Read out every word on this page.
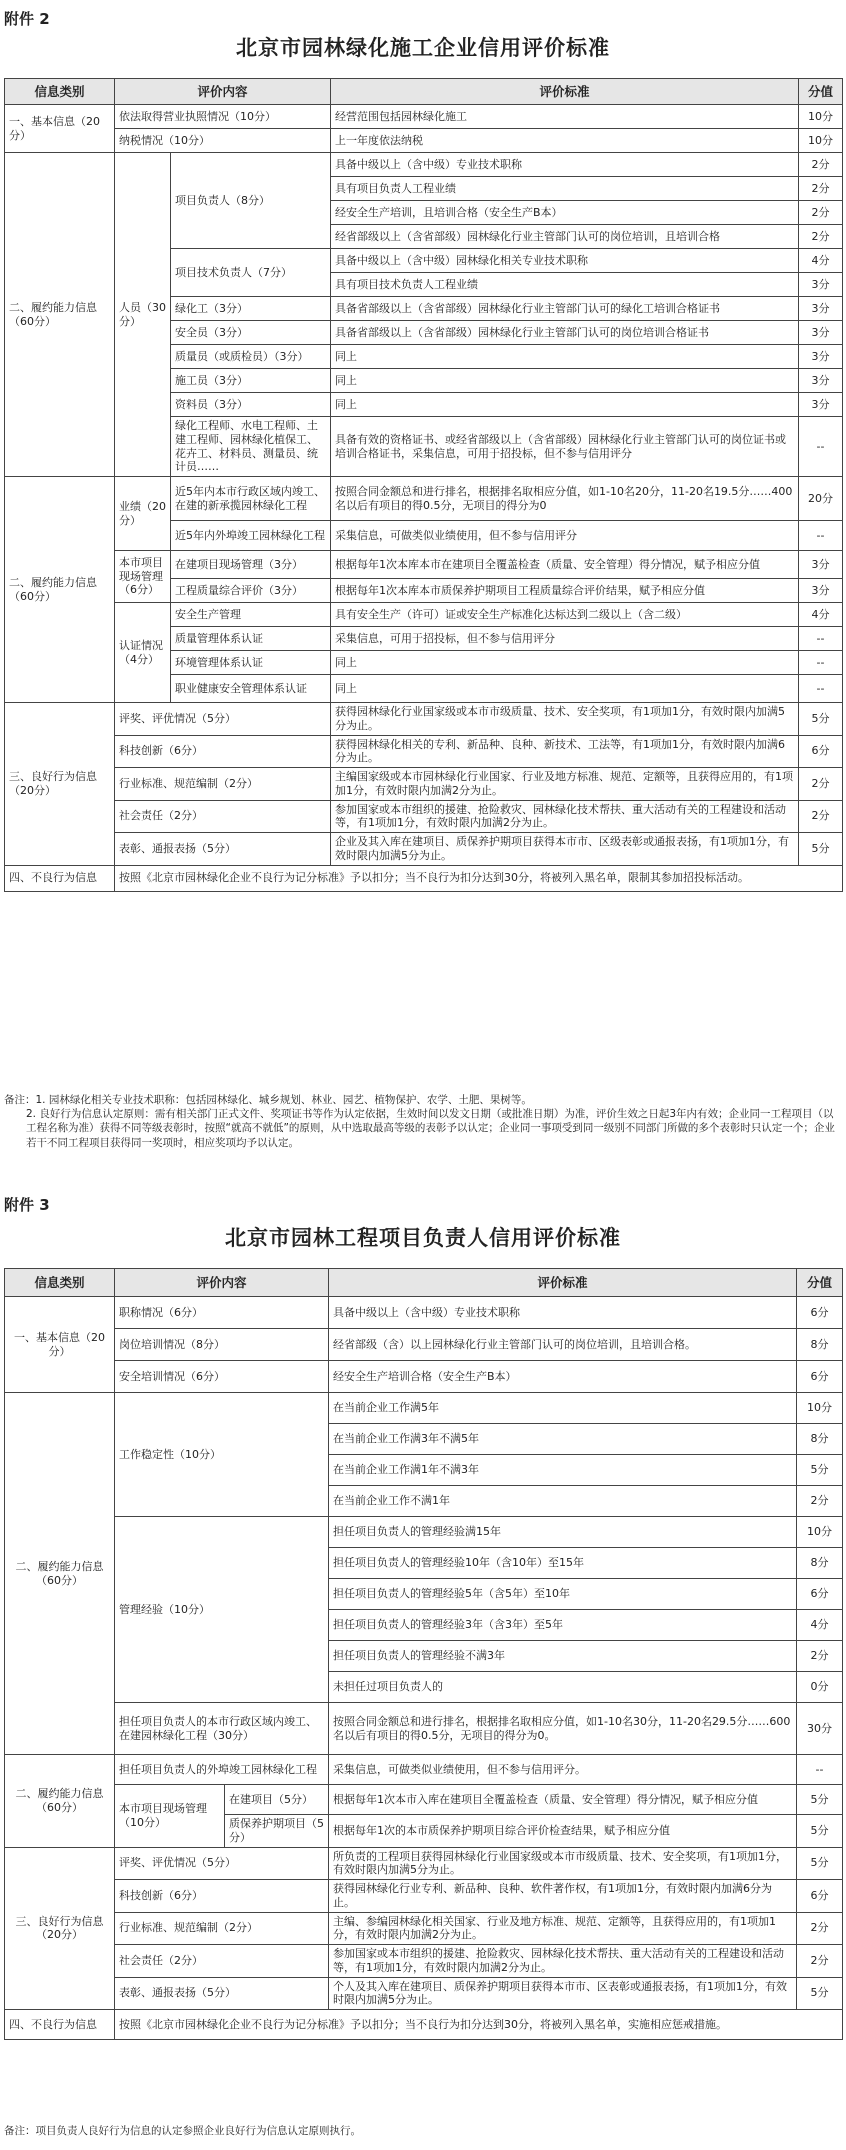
附件 2
北京市园林绿化施工企业信用评价标准
信息类别	评价内容		评价标准	分值
一、基本信息（20分）	依法取得营业执照情况（10分）		经营范围包括园林绿化施工	10分
	纳税情况（10分）		上一年度依法纳税	10分
二、履约能力信息（60分）	人员（30分）	项目负责人（8分）	具备中级以上（含中级）专业技术职称	2分
			具有项目负责人工程业绩	2分
			经安全生产培训，且培训合格（安全生产B本）	2分
			经省部级以上（含省部级）园林绿化行业主管部门认可的岗位培训，且培训合格	2分
		项目技术负责人（7分）	具备中级以上（含中级）园林绿化相关专业技术职称	4分
			具有项目技术负责人工程业绩	3分
		绿化工（3分）	具备省部级以上（含省部级）园林绿化行业主管部门认可的绿化工培训合格证书	3分
		安全员（3分）	具备省部级以上（含省部级）园林绿化行业主管部门认可的岗位培训合格证书	3分
		质量员（或质检员）（3分）	同上	3分
		施工员（3分）	同上	3分
		资料员（3分）	同上	3分
		绿化工程师、水电工程师、土建工程师、园林绿化植保工、花卉工、材料员、测量员、统计员……	具备有效的资格证书、或经省部级以上（含省部级）园林绿化行业主管部门认可的岗位证书或培训合格证书，采集信息，可用于招投标，但不参与信用评分	--
二、履约能力信息（60分）	业绩（20分）	近5年内本市行政区域内竣工、在建的新承揽园林绿化工程	按照合同金额总和进行排名，根据排名取相应分值，如1-10名20分，11-20名19.5分……400名以后有项目的得0.5分，无项目的得分为0	20分
		近5年内外埠竣工园林绿化工程	采集信息，可做类似业绩使用，但不参与信用评分	--
	本市项目现场管理（6分）	在建项目现场管理（3分）	根据每年1次本库本市在建项目全覆盖检查（质量、安全管理）得分情况，赋予相应分值	3分
		工程质量综合评价（3分）	根据每年1次本库本市质保养护期项目工程质量综合评价结果，赋予相应分值	3分
	认证情况（4分）	安全生产管理	具有安全生产（许可）证或安全生产标准化达标达到二级以上（含二级）	4分
		质量管理体系认证	采集信息，可用于招投标，但不参与信用评分	--
		环境管理体系认证	同上	--
		职业健康安全管理体系认证	同上	--
三、良好行为信息（20分）	评奖、评优情况（5分）		获得园林绿化行业国家级或本市市级质量、技术、安全奖项，有1项加1分，有效时限内加满5分为止。	5分
	科技创新（6分）		获得园林绿化相关的专利、新品种、良种、新技术、工法等，有1项加1分，有效时限内加满6分为止。	6分
	行业标准、规范编制（2分）		主编国家级或本市园林绿化行业国家、行业及地方标准、规范、定额等，且获得应用的，有1项加1分，有效时限内加满2分为止。	2分
	社会责任（2分）		参加国家或本市组织的援建、抢险救灾、园林绿化技术帮扶、重大活动有关的工程建设和活动等，有1项加1分，有效时限内加满2分为止。	2分
	表彰、通报表扬（5分）		企业及其入库在建项目、质保养护期项目获得本市市、区级表彰或通报表扬，有1项加1分，有效时限内加满5分为止。	5分
四、不良行为信息	按照《北京市园林绿化企业不良行为记分标准》予以扣分；当不良行为扣分达到30分，将被列入黑名单，限制其参加招投标活动。			

备注：1. 园林绿化相关专业技术职称：包括园林绿化、城乡规划、林业、园艺、植物保护、农学、土肥、果树等。

2. 良好行为信息认定原则：需有相关部门正式文件、奖项证书等作为认定依据，生效时间以发文日期（或批准日期）为准，评价生效之日起3年内有效；企业同一工程项目（以工程名称为准）获得不同等级表彰时，按照“就高不就低”的原则，从中选取最高等级的表彰予以认定；企业同一事项受到同一级别不同部门所做的多个表彰时只认定一个；企业若干不同工程项目获得同一奖项时，相应奖项均予以认定。

附件 3
北京市园林工程项目负责人信用评价标准
信息类别	评价内容		评价标准	分值
一、基本信息（20分）	职称情况（6分）		具备中级以上（含中级）专业技术职称	6分
	岗位培训情况（8分）		经省部级（含）以上园林绿化行业主管部门认可的岗位培训，且培训合格。	8分
	安全培训情况（6分）		经安全生产培训合格（安全生产B本）	6分
二、履约能力信息（60分）	工作稳定性（10分）		在当前企业工作满5年	10分
			在当前企业工作满3年不满5年	8分
			在当前企业工作满1年不满3年	5分
			在当前企业工作不满1年	2分
	管理经验（10分）		担任项目负责人的管理经验满15年	10分
			担任项目负责人的管理经验10年（含10年）至15年	8分
			担任项目负责人的管理经验5年（含5年）至10年	6分
			担任项目负责人的管理经验3年（含3年）至5年	4分
			担任项目负责人的管理经验不满3年	2分
			未担任过项目负责人的	0分
	担任项目负责人的本市行政区域内竣工、在建园林绿化工程（30分）		按照合同金额总和进行排名，根据排名取相应分值，如1-10名30分，11-20名29.5分……600名以后有项目的得0.5分，无项目的得分为0。	30分
二、履约能力信息（60分）	担任项目负责人的外埠竣工园林绿化工程		采集信息，可做类似业绩使用，但不参与信用评分。	--
	本市项目现场管理（10分）	在建项目（5分）	根据每年1次本市入库在建项目全覆盖检查（质量、安全管理）得分情况，赋予相应分值	5分
		质保养护期项目（5分）	根据每年1次的本市质保养护期项目综合评价检查结果，赋予相应分值	5分
三、良好行为信息（20分）	评奖、评优情况（5分）		所负责的工程项目获得园林绿化行业国家级或本市市级质量、技术、安全奖项，有1项加1分，有效时限内加满5分为止。	5分
	科技创新（6分）		获得园林绿化行业专利、新品种、良种、软件著作权，有1项加1分，有效时限内加满6分为止。	6分
	行业标准、规范编制（2分）		主编、参编园林绿化相关国家、行业及地方标准、规范、定额等，且获得应用的，有1项加1分，有效时限内加满2分为止。	2分
	社会责任（2分）		参加国家或本市组织的援建、抢险救灾、园林绿化技术帮扶、重大活动有关的工程建设和活动等，有1项加1分，有效时限内加满2分为止。	2分
	表彰、通报表扬（5分）		个人及其入库在建项目、质保养护期项目获得本市市、区表彰或通报表扬，有1项加1分，有效时限内加满5分为止。	5分
四、不良行为信息	按照《北京市园林绿化企业不良行为记分标准》予以扣分；当不良行为扣分达到30分，将被列入黑名单，实施相应惩戒措施。			

备注：项目负责人良好行为信息的认定参照企业良好行为信息认定原则执行。
